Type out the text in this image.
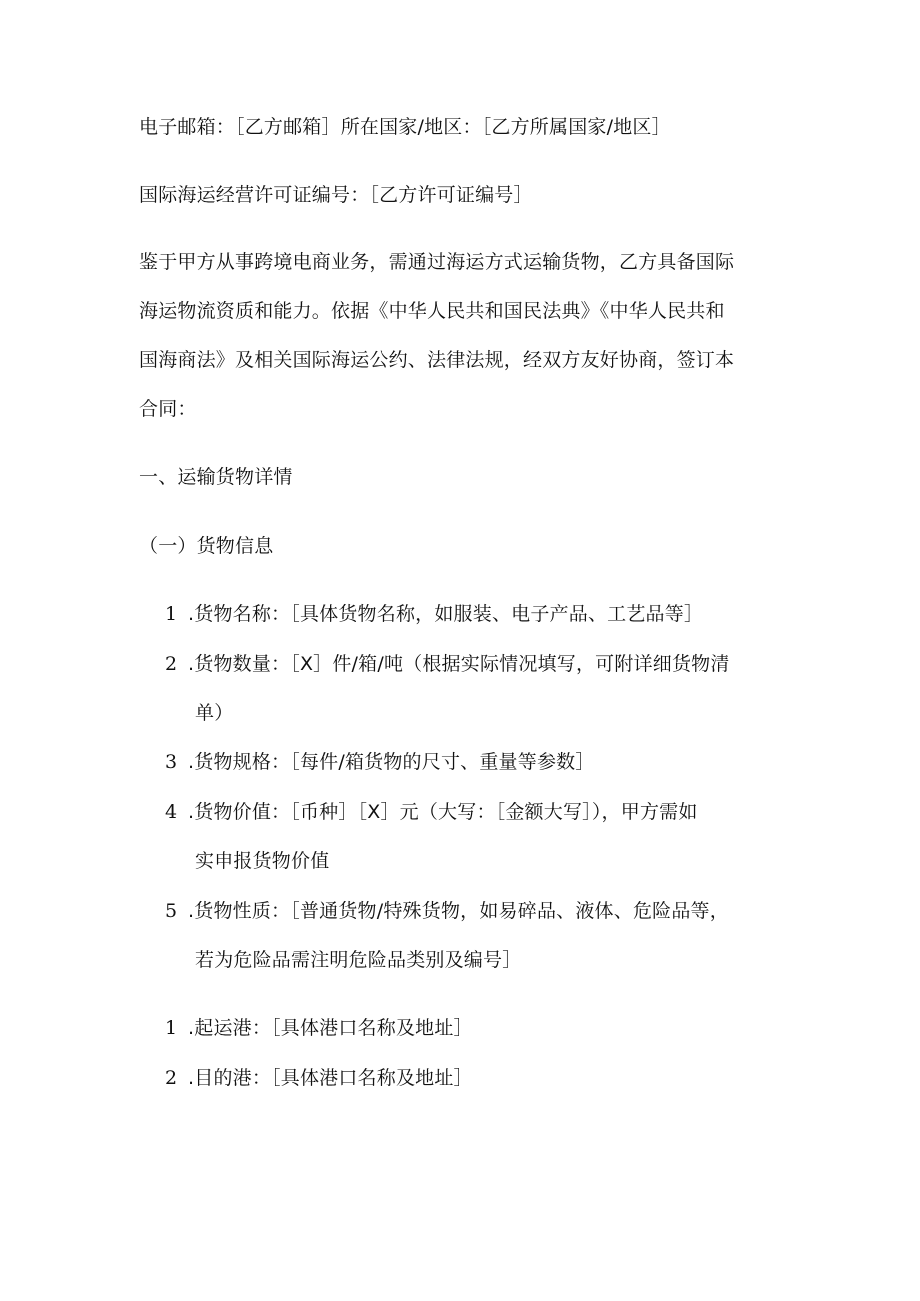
电子邮箱：［乙方邮箱］所在国家/地区：［乙方所属国家/地区］
国际海运经营许可证编号：［乙方许可证编号］
鉴于甲方从事跨境电商业务，需通过海运方式运输货物，乙方具备国际
海运物流资质和能力。依据《中华人民共和国民法典》《中华人民共和
国海商法》及相关国际海运公约、法律法规，经双方友好协商，签订本
合同：
一、运输货物详情
（一）货物信息
1 .货物名称：［具体货物名称，如服装、电子产品、工艺品等］
2 .货物数量：［X］件/箱/吨（根据实际情况填写，可附详细货物清
单）
3 .货物规格：［每件/箱货物的尺寸、重量等参数］
4 .货物价值：［币种］［X］元（大写：［金额大写］），甲方需如
实申报货物价值
5 .货物性质：［普通货物/特殊货物，如易碎品、液体、危险品等，
若为危险品需注明危险品类别及编号］
1 .起运港：［具体港口名称及地址］
2 .目的港：［具体港口名称及地址］
